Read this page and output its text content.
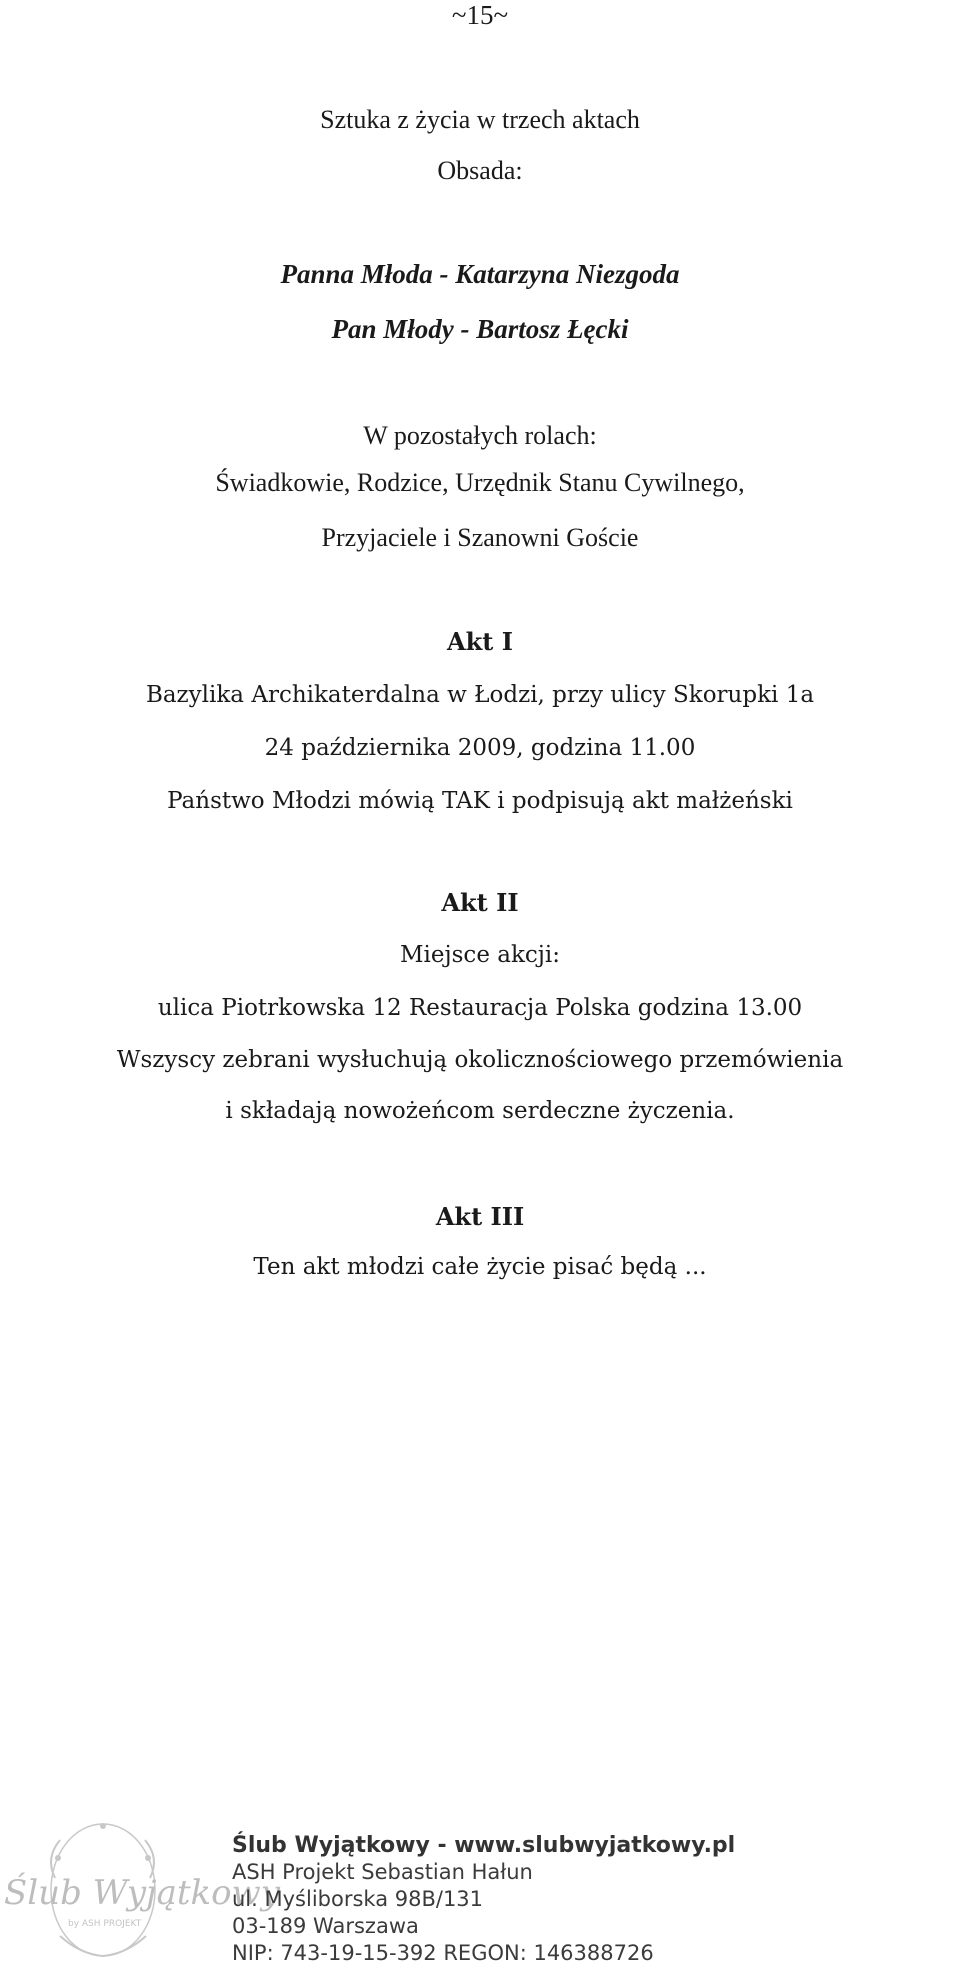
~15~
Sztuka z życia w trzech aktach
Obsada:
Panna Młoda - Katarzyna Niezgoda
Pan Młody - Bartosz Łęcki
W pozostałych rolach:
Świadkowie, Rodzice, Urzędnik Stanu Cywilnego,
Przyjaciele i Szanowni Goście
Akt I
Bazylika Archikaterdalna w Łodzi, przy ulicy Skorupki 1a
24 października 2009, godzina 11.00
Państwo Młodzi mówią TAK i podpisują akt małżeński
Akt II
Miejsce akcji:
ulica Piotrkowska 12 Restauracja Polska godzina 13.00
Wszyscy zebrani wysłuchują okolicznościowego przemówienia
i składają nowożeńcom serdeczne życzenia.
Akt III
Ten akt młodzi całe życie pisać będą ...
Ślub Wyjątkowy
by ASH PROJEKT
Ślub Wyjątkowy - www.slubwyjatkowy.pl
ASH Projekt Sebastian Hałun
ul. Myśliborska 98B/131
03-189 Warszawa
NIP: 743-19-15-392 REGON: 146388726
